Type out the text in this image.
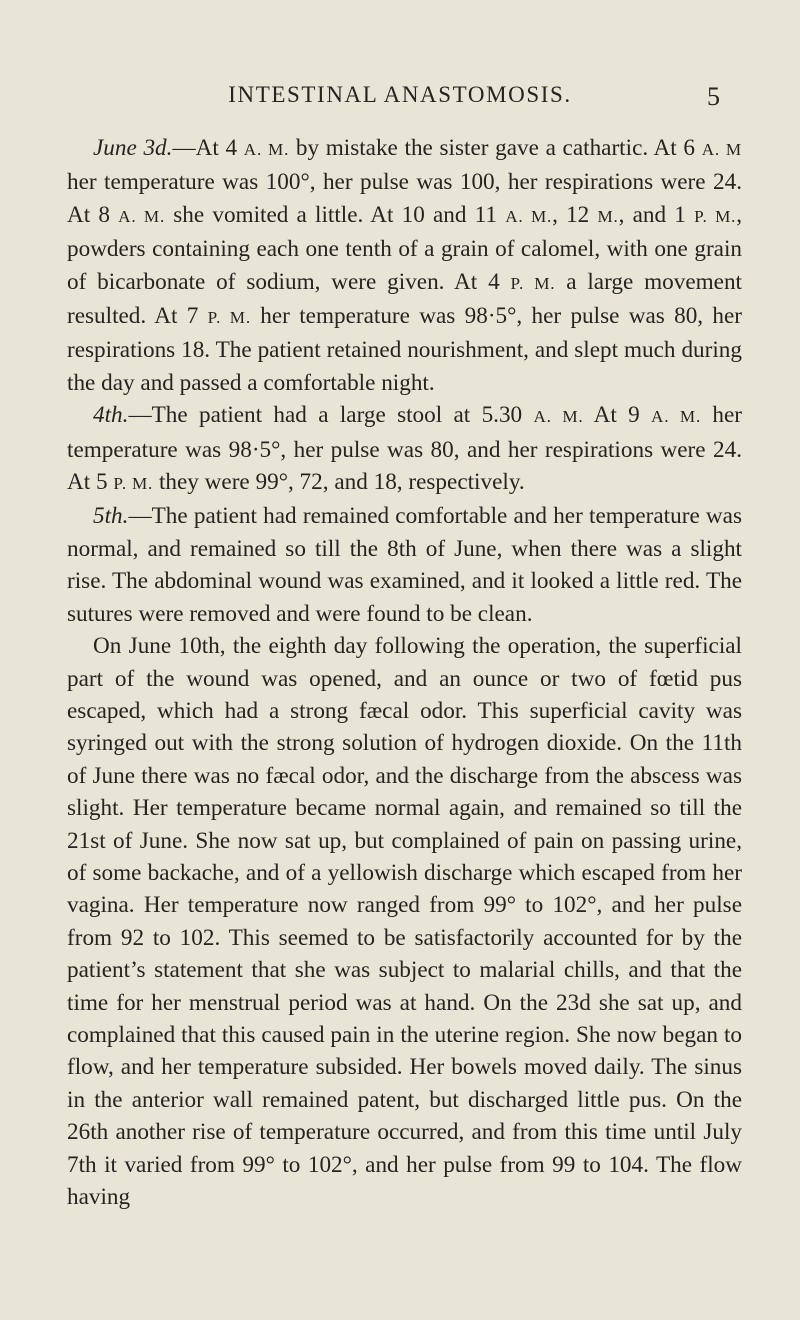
INTESTINAL ANASTOMOSIS.	5

June 3d.—At 4 A. M. by mistake the sister gave a cathartic. At 6 A. M her temperature was 100°, her pulse was 100, her respirations were 24. At 8 A. M. she vomited a little. At 10 and 11 A. M., 12 M., and 1 P. M., powders containing each one tenth of a grain of calomel, with one grain of bicarbonate of sodium, were given. At 4 P. M. a large movement resulted. At 7 P. M. her temperature was 98·5°, her pulse was 80, her respirations 18. The patient retained nourishment, and slept much during the day and passed a comfortable night.

4th.—The patient had a large stool at 5.30 A. M. At 9 A. M. her temperature was 98·5°, her pulse was 80, and her respirations were 24. At 5 P. M. they were 99°, 72, and 18, respectively.

5th.—The patient had remained comfortable and her temperature was normal, and remained so till the 8th of June, when there was a slight rise. The abdominal wound was examined, and it looked a little red. The sutures were removed and were found to be clean.

On June 10th, the eighth day following the operation, the superficial part of the wound was opened, and an ounce or two of fœtid pus escaped, which had a strong fæcal odor. This superficial cavity was syringed out with the strong solution of hydrogen dioxide. On the 11th of June there was no fæcal odor, and the discharge from the abscess was slight. Her temperature became normal again, and remained so till the 21st of June. She now sat up, but complained of pain on passing urine, of some backache, and of a yellowish discharge which escaped from her vagina. Her temperature now ranged from 99° to 102°, and her pulse from 92 to 102. This seemed to be satisfactorily accounted for by the patient’s statement that she was subject to malarial chills, and that the time for her menstrual period was at hand. On the 23d she sat up, and complained that this caused pain in the uterine region. She now began to flow, and her temperature subsided. Her bowels moved daily. The sinus in the anterior wall remained patent, but discharged little pus. On the 26th another rise of temperature occurred, and from this time until July 7th it varied from 99° to 102°, and her pulse from 99 to 104. The flow having
